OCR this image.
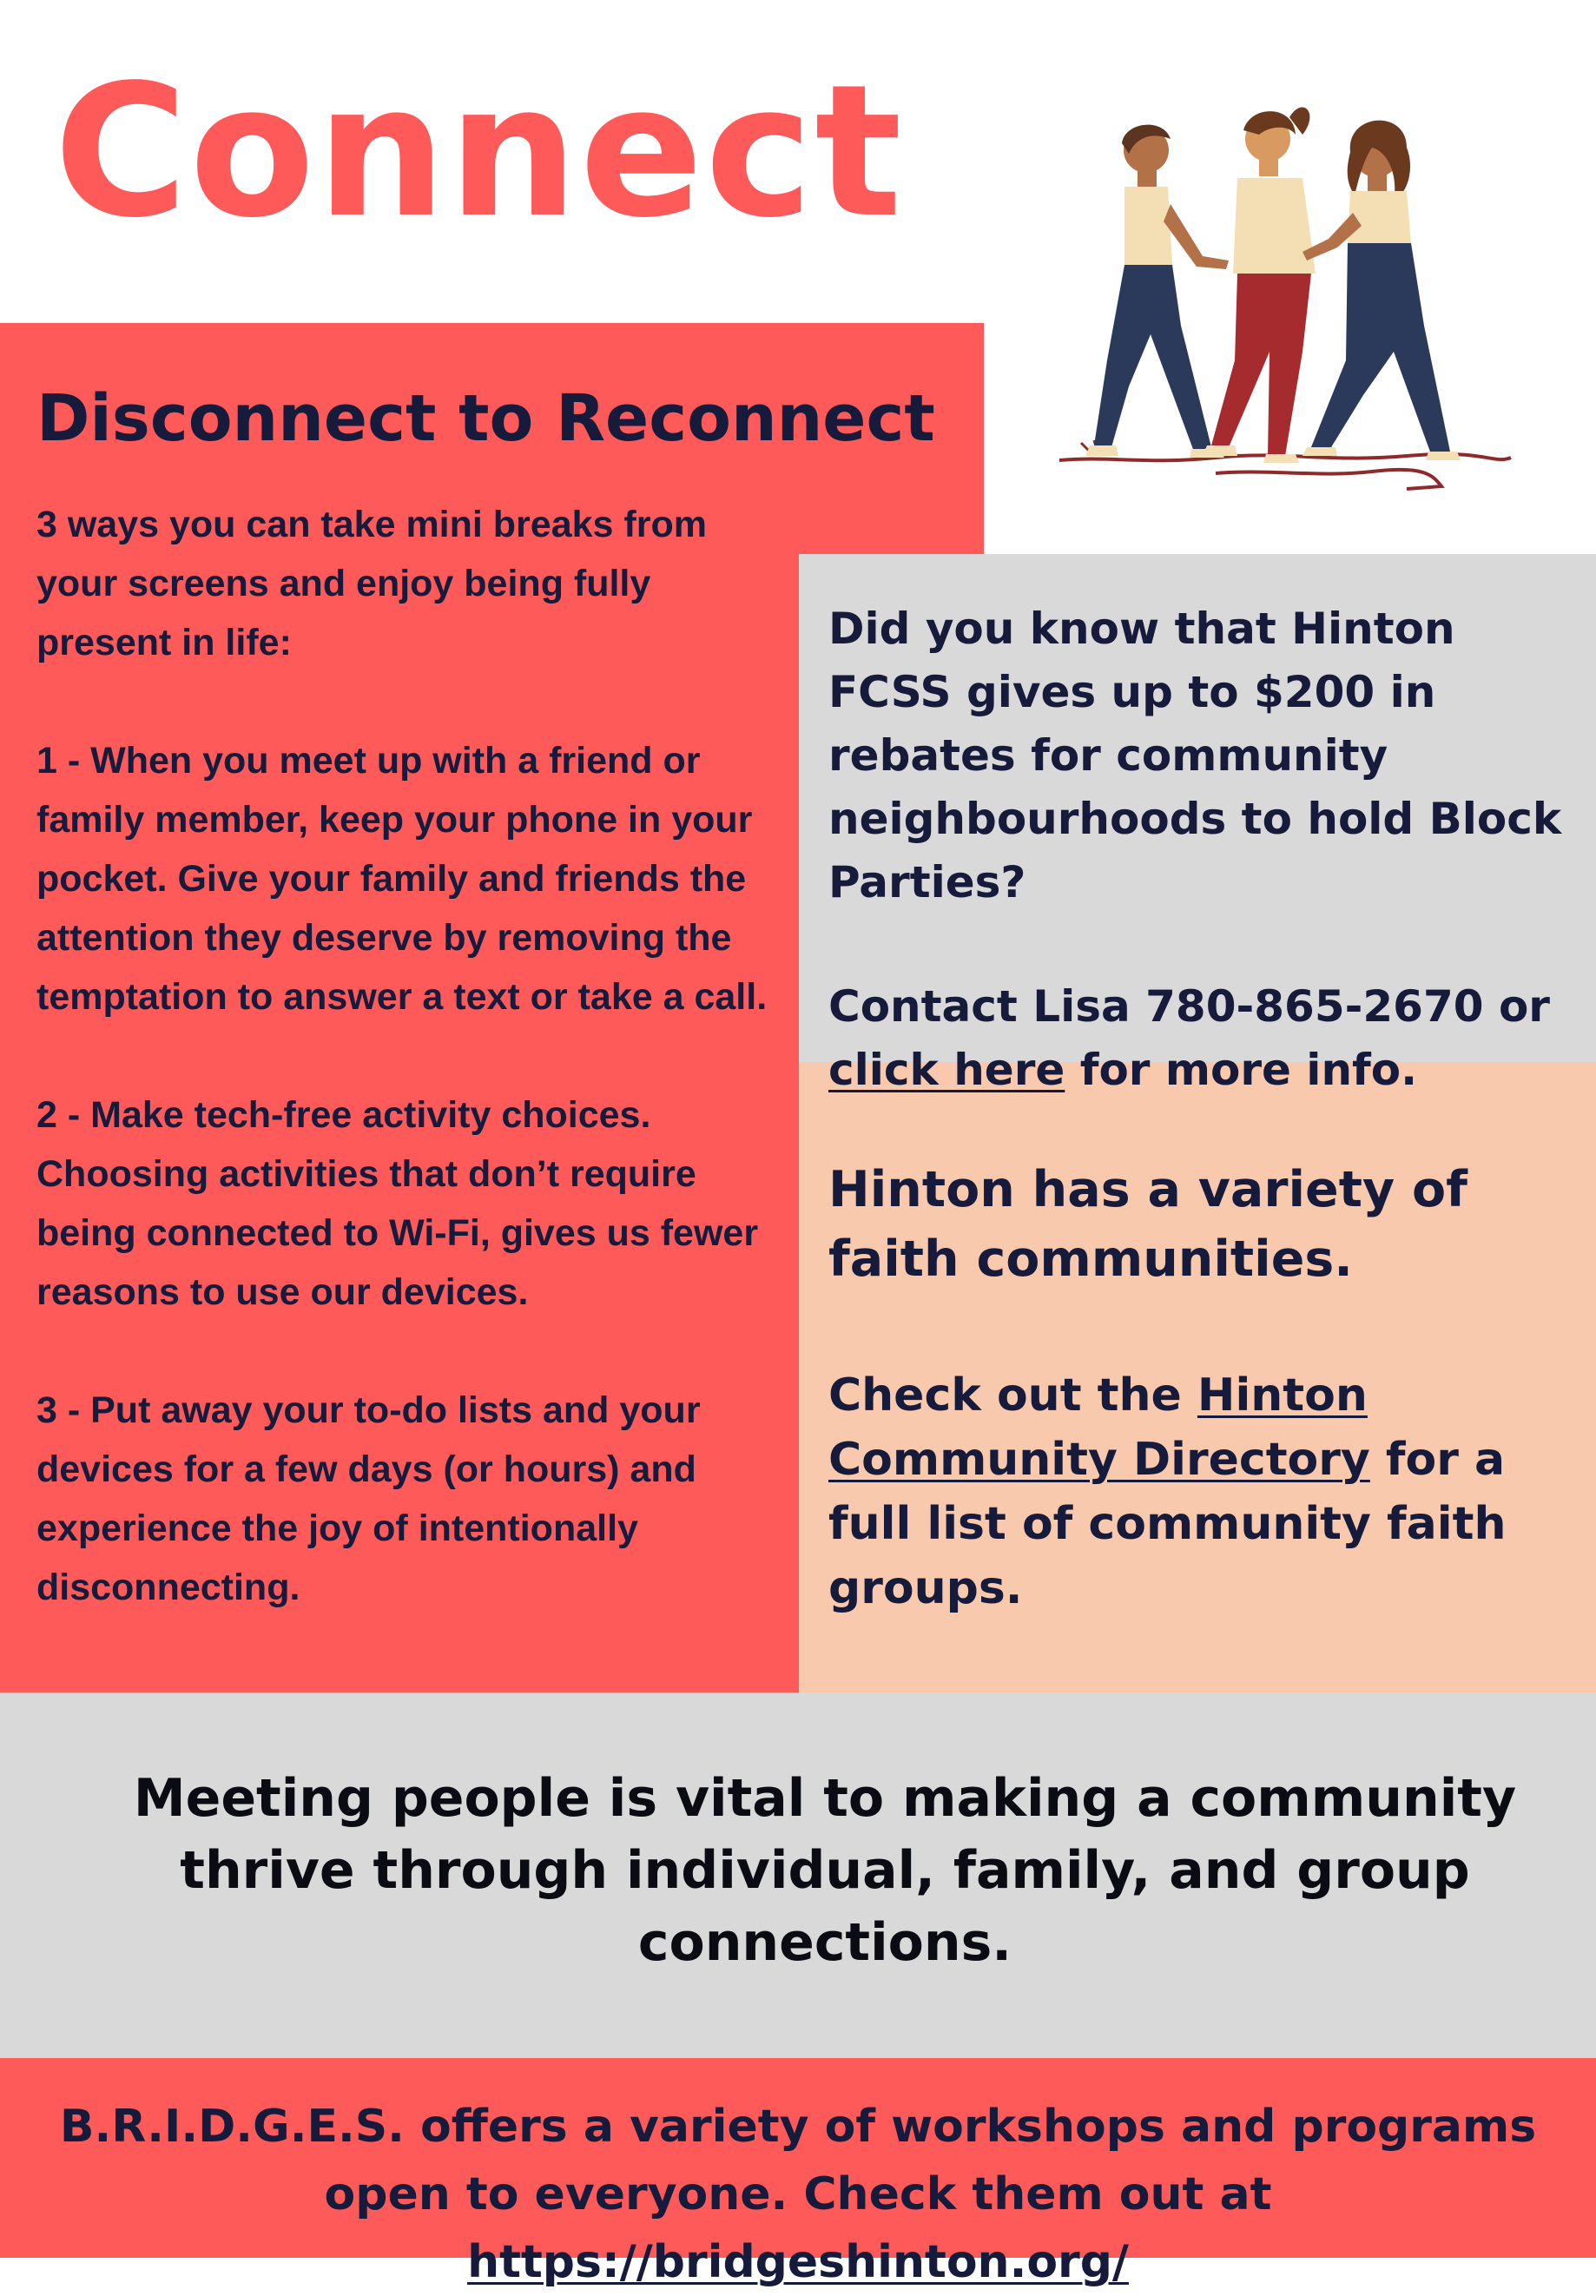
Connect
Disconnect to Reconnect

3 ways you can take mini breaks from your screens and enjoy being fully present in life:

1 - When you meet up with a friend or family member, keep your phone in your pocket. Give your family and friends the attention they deserve by removing the temptation to answer a text or take a call.

2 - Make tech-free activity choices. Choosing activities that don’t require being connected to Wi-Fi, gives us fewer reasons to use our devices.

3 - Put away your to-do lists and your devices for a few days (or hours) and experience the joy of intentionally disconnecting.

Did you know that Hinton FCSS gives up to $200 in rebates for community neighbourhoods to hold Block Parties?

Contact Lisa 780-865-2670 or click here for more info.

Hinton has a variety of faith communities.

Check out the Hinton Community Directory for a full list of community faith groups.

Meeting people is vital to making a community thrive through individual, family, and group connections.

B.R.I.D.G.E.S. offers a variety of workshops and programs open to everyone. Check them out at https://bridgeshinton.org/
